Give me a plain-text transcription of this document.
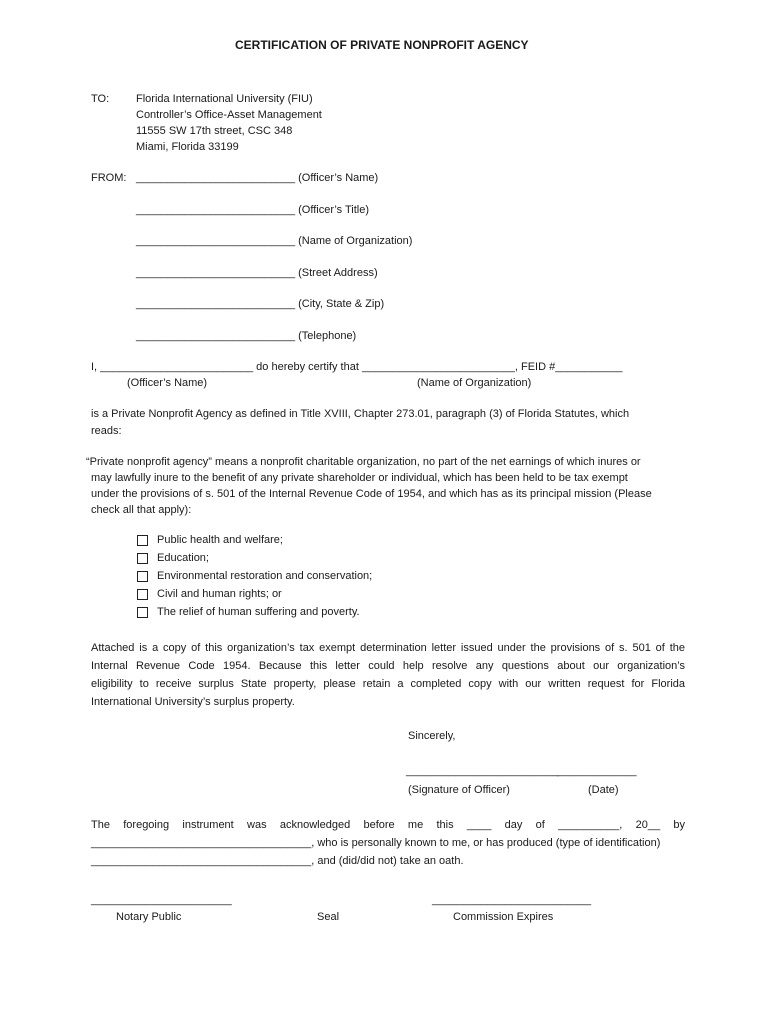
CERTIFICATION OF PRIVATE NONPROFIT AGENCY
TO: Florida International University (FIU)
Controller’s Office-Asset Management
11555 SW 17th street, CSC 348
Miami, Florida 33199
FROM: __________________________ (Officer’s Name)
__________________________ (Officer’s Title)
__________________________ (Name of Organization)
__________________________ (Street Address)
__________________________ (City, State & Zip)
__________________________ (Telephone)
I, _________________________ do hereby certify that _________________________, FEID #___________
(Officer’s Name)	(Name of Organization)
is a Private Nonprofit Agency as defined in Title XVIII, Chapter 273.01, paragraph (3) of Florida Statutes, which
reads:
“Private nonprofit agency” means a nonprofit charitable organization, no part of the net earnings of which inures or
may lawfully inure to the benefit of any private shareholder or individual, which has been held to be tax exempt
under the provisions of s. 501 of the Internal Revenue Code of 1954, and which has as its principal mission (Please
check all that apply):
Public health and welfare;
Education;
Environmental restoration and conservation;
Civil and human rights; or
The relief of human suffering and poverty.
Attached is a copy of this organization’s tax exempt determination letter issued under the provisions of s. 501 of the
Internal Revenue Code 1954. Because this letter could help resolve any questions about our organization’s
eligibility to receive surplus State property, please retain a completed copy with our written request for Florida
International University’s surplus property.
Sincerely,
_________________________
_____________
(Signature of Officer)	(Date)
The foregoing instrument was acknowledged before me this ____ day of __________, 20__ by
____________________________________, who is personally known to me, or has produced (type of identification)
____________________________________, and (did/did not) take an oath.
_______________________	__________________________
Notary Public	Seal	Commission Expires
